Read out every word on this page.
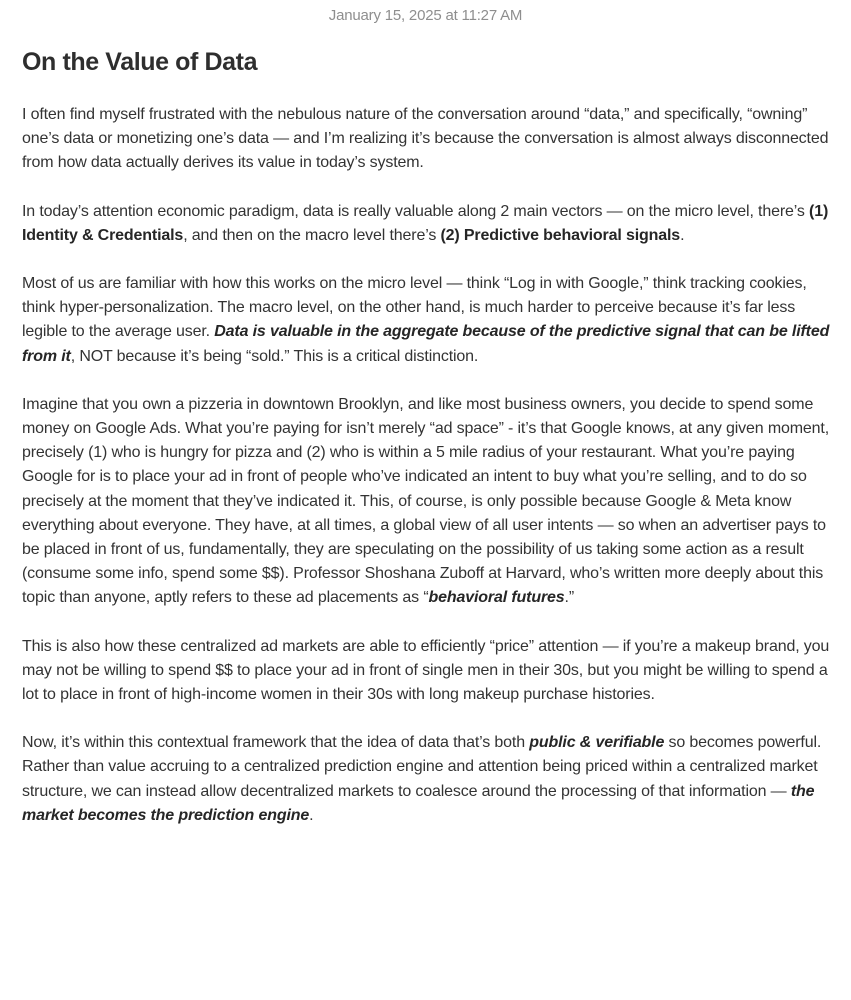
January 15, 2025 at 11:27 AM
On the Value of Data

I often find myself frustrated with the nebulous nature of the conversation around “data,” and specifically, “owning” one’s data or monetizing one’s data — and I’m realizing it’s because the conversation is almost always disconnected from how data actually derives its value in today’s system.

In today’s attention economic paradigm, data is really valuable along 2 main vectors — on the micro level, there’s (1) Identity & Credentials, and then on the macro level there’s (2) Predictive behavioral signals.

Most of us are familiar with how this works on the micro level — think “Log in with Google,” think tracking cookies, think hyper-personalization. The macro level, on the other hand, is much harder to perceive because it’s far less legible to the average user. Data is valuable in the aggregate because of the predictive signal that can be lifted from it, NOT because it’s being “sold.” This is a critical distinction.

Imagine that you own a pizzeria in downtown Brooklyn, and like most business owners, you decide to spend some money on Google Ads. What you’re paying for isn’t merely “ad space” - it’s that Google knows, at any given moment, precisely (1) who is hungry for pizza and (2) who is within a 5 mile radius of your restaurant. What you’re paying Google for is to place your ad in front of people who’ve indicated an intent to buy what you’re selling, and to do so precisely at the moment that they’ve indicated it. This, of course, is only possible because Google & Meta know everything about everyone. They have, at all times, a global view of all user intents — so when an advertiser pays to be placed in front of us, fundamentally, they are speculating on the possibility of us taking some action as a result (consume some info, spend some $$). Professor Shoshana Zuboff at Harvard, who’s written more deeply about this topic than anyone, aptly refers to these ad placements as “behavioral futures.”

This is also how these centralized ad markets are able to efficiently “price” attention — if you’re a makeup brand, you may not be willing to spend $$ to place your ad in front of single men in their 30s, but you might be willing to spend a lot to place in front of high-income women in their 30s with long makeup purchase histories.

Now, it’s within this contextual framework that the idea of data that’s both public & verifiable so becomes powerful. Rather than value accruing to a centralized prediction engine and attention being priced within a centralized market structure, we can instead allow decentralized markets to coalesce around the processing of that information — the market becomes the prediction engine.
